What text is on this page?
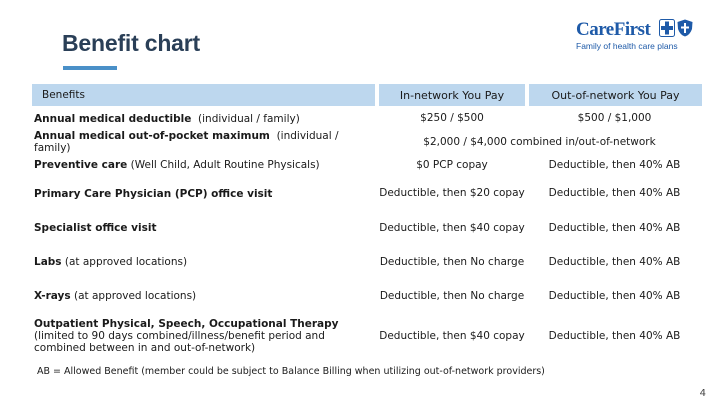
Benefit chart
CareFirst
Family of health care plans
Benefits	In-network You Pay	Out-of-network You Pay
Annual medical deductible (individual / family)	$250 / $500	$500 / $1,000
Annual medical out-of-pocket maximum (individual / family)	$2,000 / $4,000 combined in/out-of-network	
Preventive care (Well Child, Adult Routine Physicals)	$0 PCP copay	Deductible, then 40% AB
Primary Care Physician (PCP) office visit	Deductible, then $20 copay	Deductible, then 40% AB
Specialist office visit	Deductible, then $40 copay	Deductible, then 40% AB
Labs (at approved locations)	Deductible, then No charge	Deductible, then 40% AB
X-rays (at approved locations)	Deductible, then No charge	Deductible, then 40% AB
Outpatient Physical, Speech, Occupational Therapy
(limited to 90 days combined/illness/benefit period and combined between in and out-of-network)	Deductible, then $40 copay	Deductible, then 40% AB
AB = Allowed Benefit (member could be subject to Balance Billing when utilizing out-of-network providers)
4
